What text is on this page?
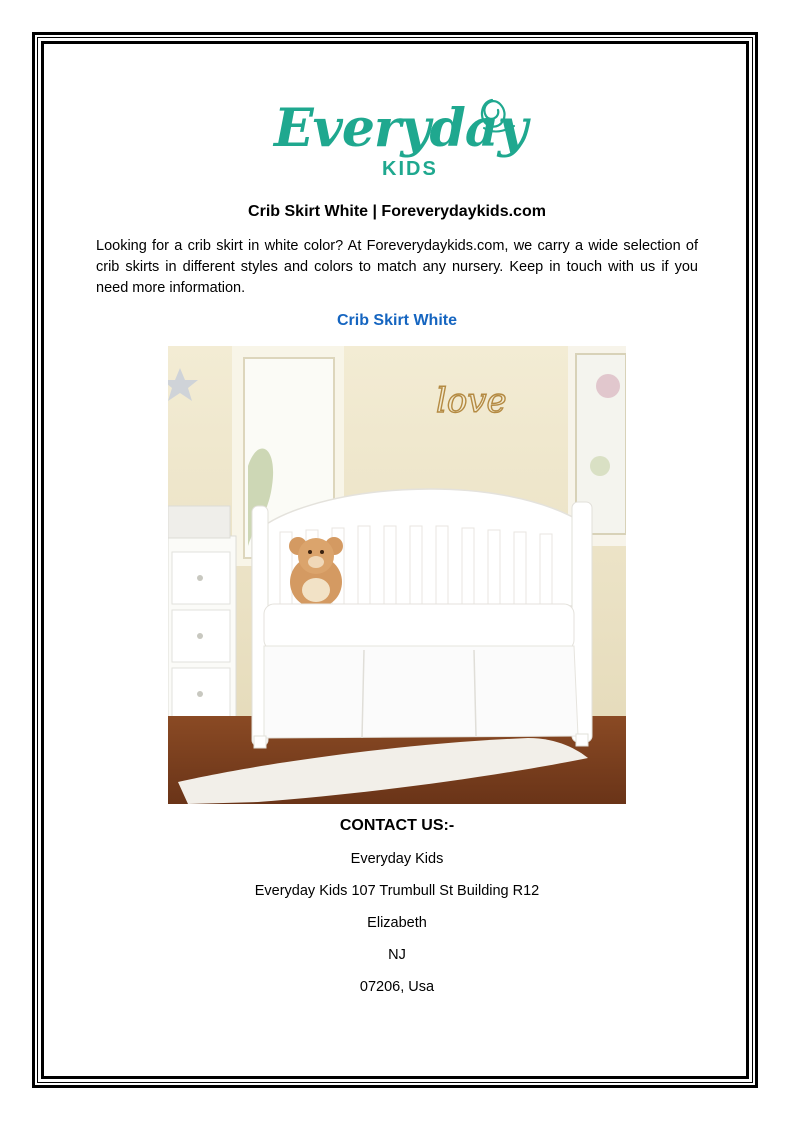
Everyday
KIDS
Crib Skirt White | Foreverydaykids.com
Looking for a crib skirt in white color? At Foreverydaykids.com, we carry a wide selection of crib skirts in different styles and colors to match any nursery. Keep in touch with us if you need more information.
Crib Skirt White
love
CONTACT US:-
Everyday Kids
Everyday Kids 107 Trumbull St Building R12
Elizabeth
NJ
07206, Usa
